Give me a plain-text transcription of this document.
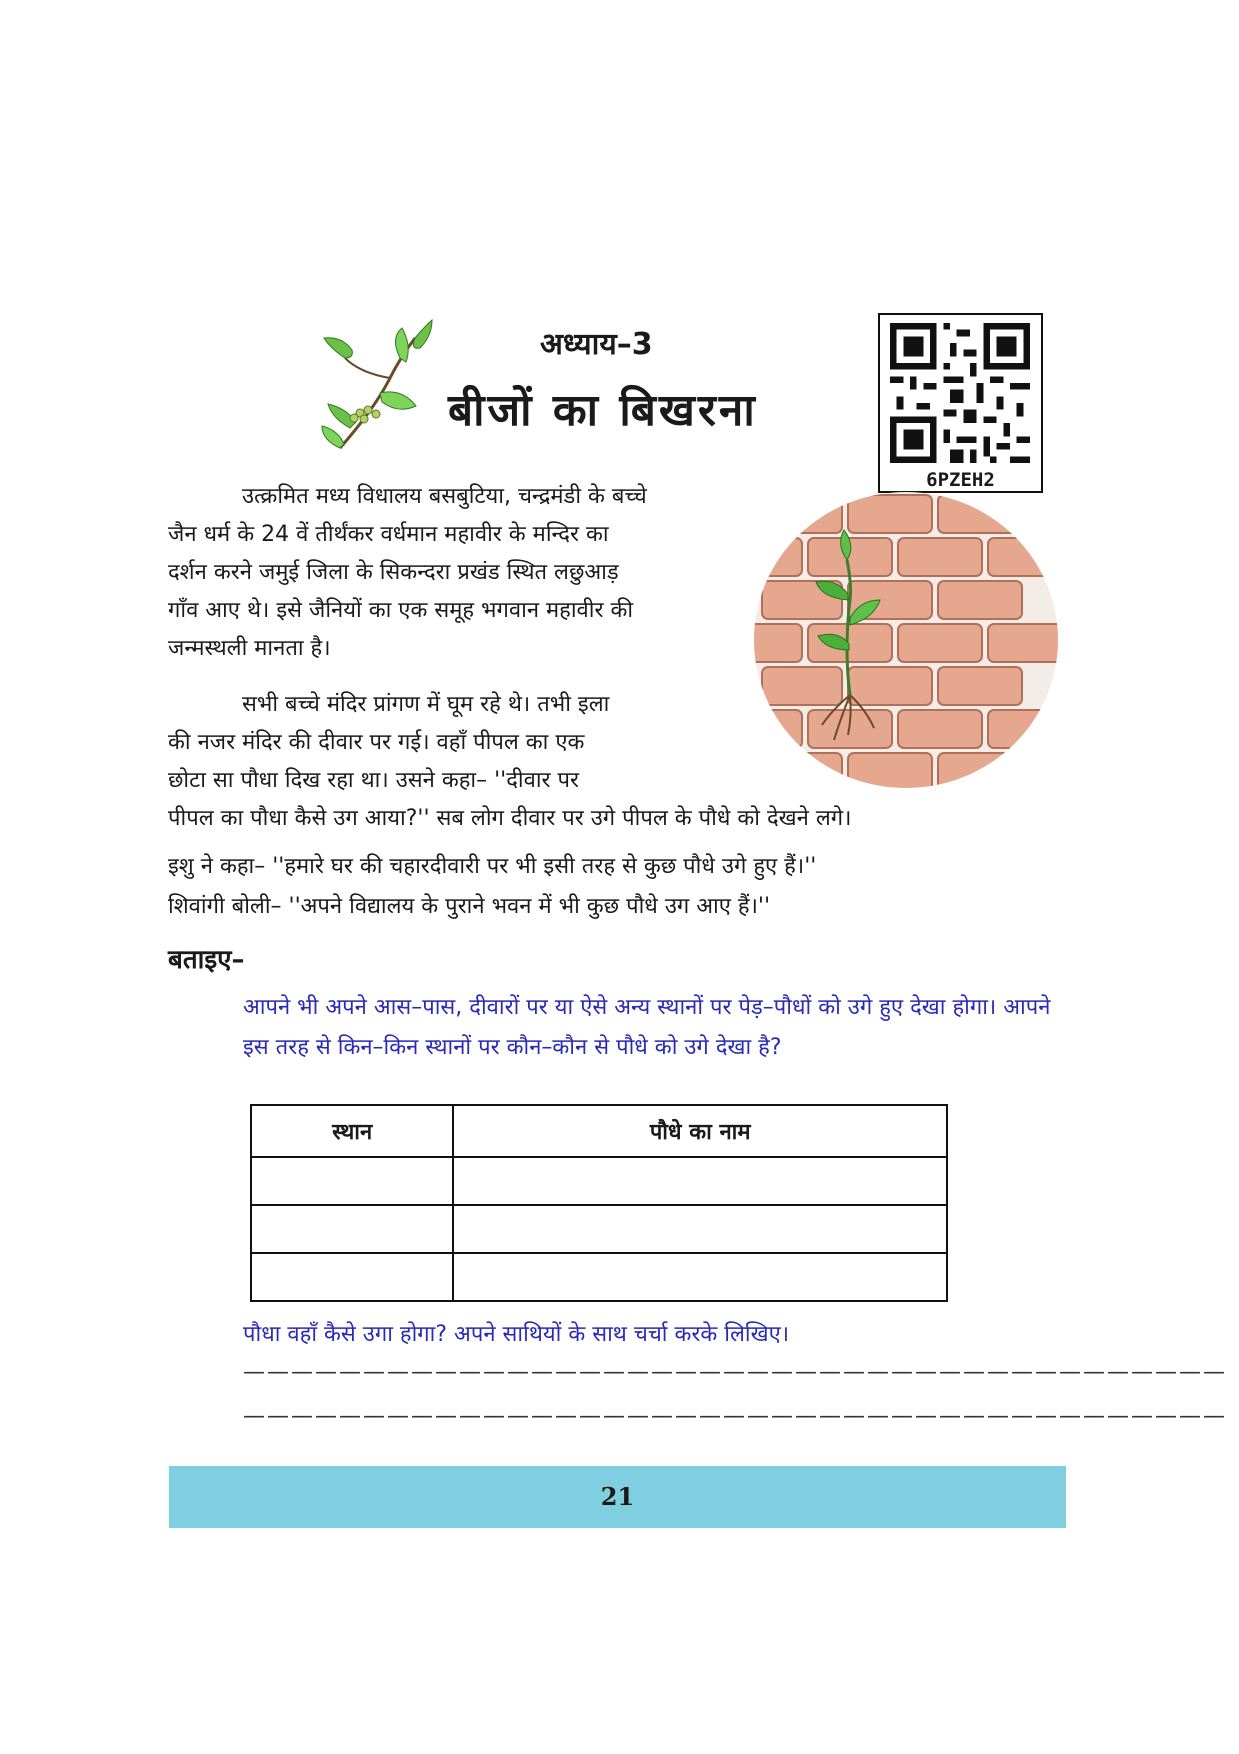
अध्याय–3
बीजों का बिखरना
6PZEH2
उत्क्रमित मध्य विधालय बसबुटिया, चन्द्रमंडी के बच्चे
जैन धर्म के 24 वें तीर्थंकर वर्धमान महावीर के मन्दिर का
दर्शन करने जमुई जिला के सिकन्दरा प्रखंड स्थित लछुआड़
गाँव आए थे। इसे जैनियों का एक समूह भगवान महावीर की
जन्मस्थली मानता है।
सभी बच्चे मंदिर प्रांगण में घूम रहे थे। तभी इला
की नजर मंदिर की दीवार पर गई। वहाँ पीपल का एक
छोटा सा पौधा दिख रहा था। उसने कहा– ''दीवार पर
पीपल का पौधा कैसे उग आया?'' सब लोग दीवार पर उगे पीपल के पौधे को देखने लगे।
इशु ने कहा– ''हमारे घर की चहारदीवारी पर भी इसी तरह से कुछ पौधे उगे हुए हैं।''
शिवांगी बोली– ''अपने विद्यालय के पुराने भवन में भी कुछ पौधे उग आए हैं।''
बताइए–
आपने भी अपने आस–पास, दीवारों पर या ऐसे अन्य स्थानों पर पेड़–पौधों को उगे हुए देखा होगा। आपने इस तरह से किन–किन स्थानों पर कौन–कौन से पौधे को उगे देखा है?
स्थान	पौधे का नाम

पौधा वहाँ कैसे उगा होगा? अपने साथियों के साथ चर्चा करके लिखिए।
—————————————————————————————————————————
—————————————————————————————————————————
21
